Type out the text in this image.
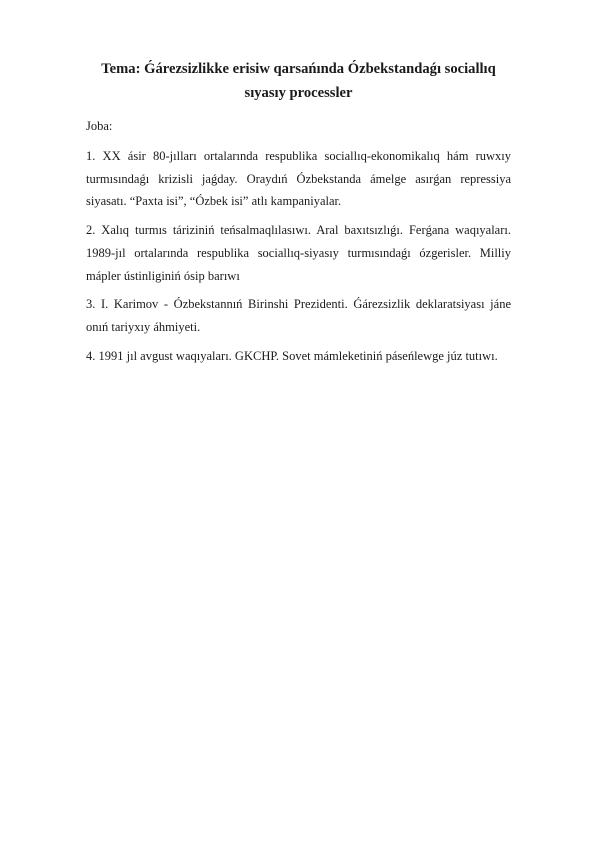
Tema: Ǵárezsizlikke erisiw qarsańında Ózbekstandaǵı sociallıq
sıyasıy processler

Joba:

1. XX ásir 80-jılları ortalarında respublika sociallıq-ekonomikalıq hám ruwxıy turmısındaǵı krizisli jaǵday. Oraydıń Ózbekstanda ámelge asırǵan repressiya siyasatı. “Paxta isi”, “Ózbek isi” atlı kampaniyalar.

2. Xalıq turmıs táriziniń teńsalmaqlılasıwı. Aral baxıtsızlıǵı. Ferǵana waqıyaları. 1989-jıl ortalarında respublika sociallıq-siyasıy turmısındaǵı ózgerisler. Milliy mápler ústinliginiń ósip barıwı

3. I. Karimov - Ózbekstannıń Birinshi Prezidenti. Ǵárezsizlik deklaratsiyası jáne onıń tariyxıy áhmiyeti.

4. 1991 jıl avgust waqıyaları. GKCHP. Sovet mámleketiniń páseńlewge júz tutıwı.
